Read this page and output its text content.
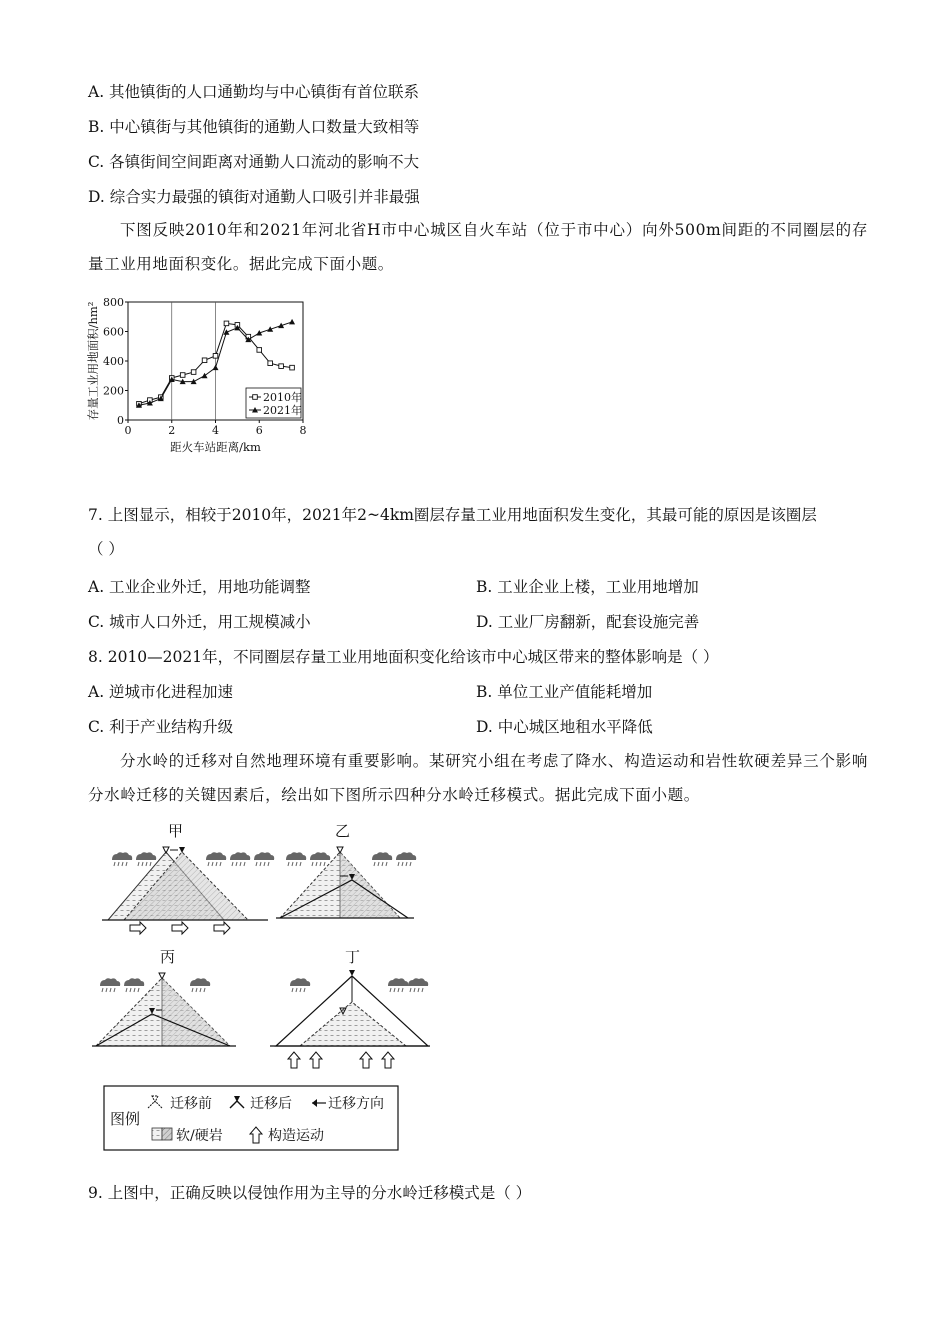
A. 其他镇街的人口通勤均与中心镇街有首位联系
B. 中心镇街与其他镇街的通勤人口数量大致相等
C. 各镇街间空间距离对通勤人口流动的影响不大
D. 综合实力最强的镇街对通勤人口吸引并非最强
下图反映2010年和2021年河北省H市中心城区自火车站（位于市中心）向外500m间距的不同圈层的存量工业用地面积变化。据此完成下面小题。
0	2	4	6	8
0
200
400
600
800
距火车站距离/km
存量工业用地面积/hm²	2010年
2021年
7. 上图显示，相较于2010年，2021年2~4km圈层存量工业用地面积发生变化，其最可能的原因是该圈层
（ ）
A. 工业企业外迁，用地功能调整	B. 工业企业上楼，工业用地增加
C. 城市人口外迁，用工规模减小	D. 工业厂房翻新，配套设施完善
8. 2010—2021年，不同圈层存量工业用地面积变化给该市中心城区带来的整体影响是（ ）
A. 逆城市化进程加速	B. 单位工业产值能耗增加
C. 利于产业结构升级	D. 中心城区地租水平降低
分水岭的迁移对自然地理环境有重要影响。某研究小组在考虑了降水、构造运动和岩性软硬差异三个影响分水岭迁移的关键因素后，绘出如下图所示四种分水岭迁移模式。据此完成下面小题。
甲	乙
丙	丁
图例
迁移前	迁移后	迁移方向
软/硬岩	构造运动
9. 上图中，正确反映以侵蚀作用为主导的分水岭迁移模式是（ ）
